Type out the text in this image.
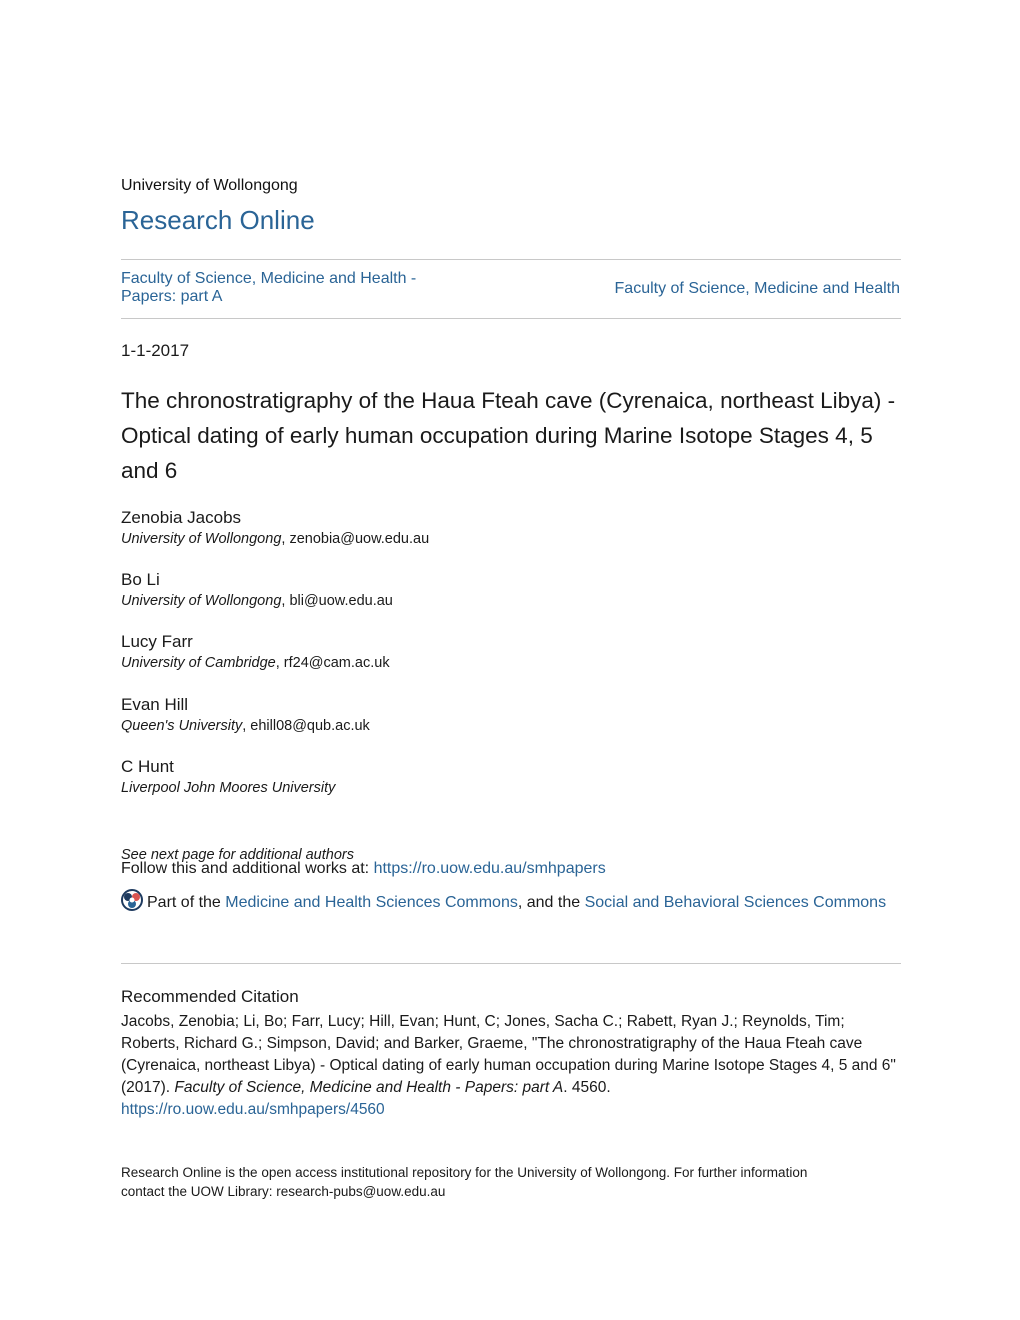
University of Wollongong
Research Online
Faculty of Science, Medicine and Health -
Papers: part A	Faculty of Science, Medicine and Health
1-1-2017
The chronostratigraphy of the Haua Fteah cave (Cyrenaica, northeast Libya) - Optical dating of early human occupation during Marine Isotope Stages 4, 5 and 6
Zenobia Jacobs
University of Wollongong, zenobia@uow.edu.au
Bo Li
University of Wollongong, bli@uow.edu.au
Lucy Farr
University of Cambridge, rf24@cam.ac.uk
Evan Hill
Queen's University, ehill08@qub.ac.uk
C Hunt
Liverpool John Moores University
See next page for additional authors
Follow this and additional works at: https://ro.uow.edu.au/smhpapers
Part of the Medicine and Health Sciences Commons, and the Social and Behavioral Sciences Commons
Recommended Citation
Jacobs, Zenobia; Li, Bo; Farr, Lucy; Hill, Evan; Hunt, C; Jones, Sacha C.; Rabett, Ryan J.; Reynolds, Tim; Roberts, Richard G.; Simpson, David; and Barker, Graeme, "The chronostratigraphy of the Haua Fteah cave (Cyrenaica, northeast Libya) - Optical dating of early human occupation during Marine Isotope Stages 4, 5 and 6" (2017). Faculty of Science, Medicine and Health - Papers: part A. 4560.
https://ro.uow.edu.au/smhpapers/4560
Research Online is the open access institutional repository for the University of Wollongong. For further information
contact the UOW Library: research-pubs@uow.edu.au
